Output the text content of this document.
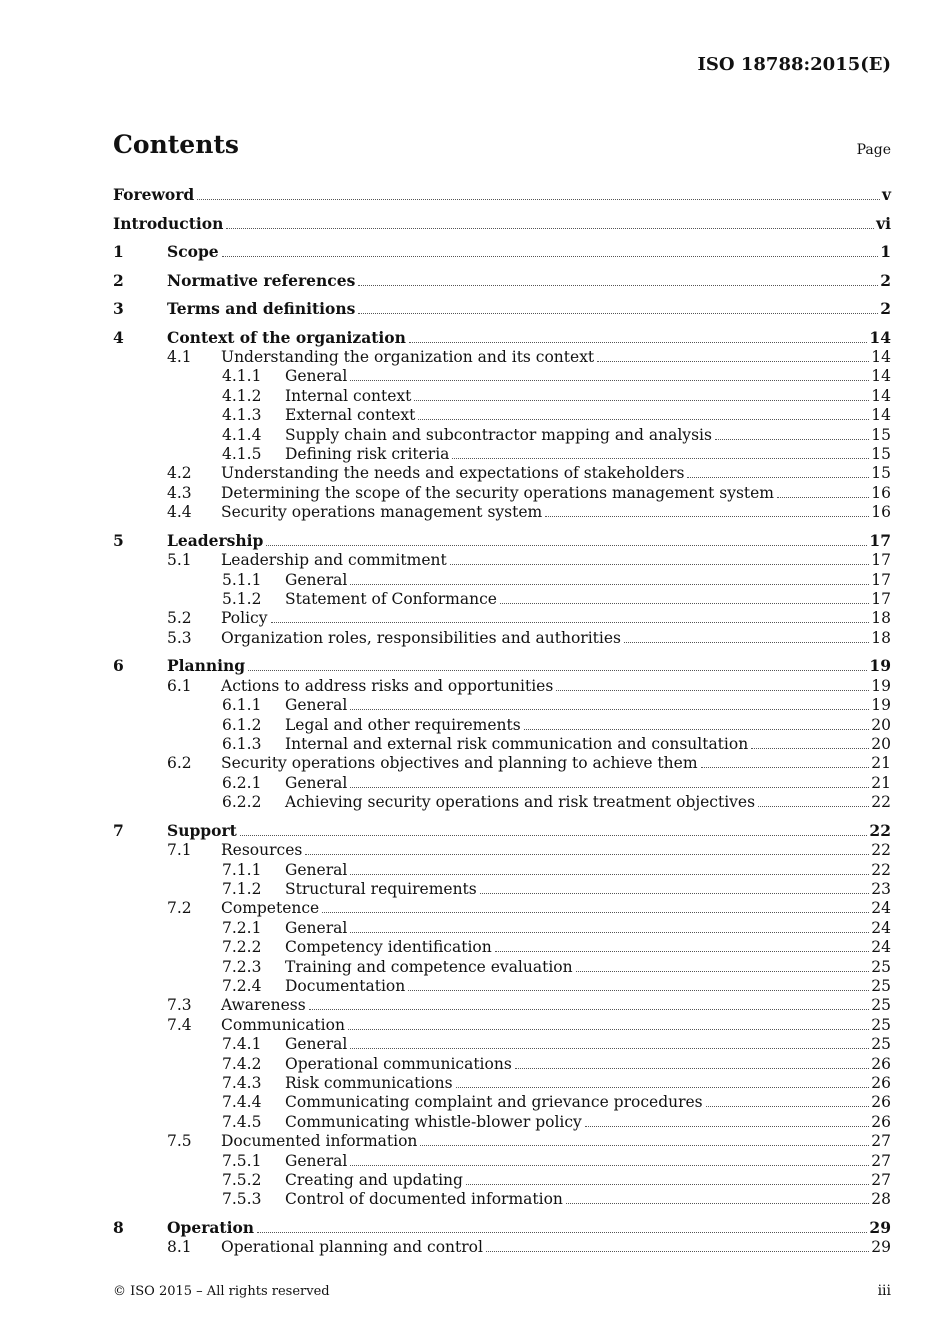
ISO 18788:2015(E)
Contents	Page
Foreword	v
Introduction	vi
1	Scope	1
2	Normative references	2
3	Terms and definitions	2
4	Context of the organization	14
4.1	Understanding the organization and its context	14
4.1.1	General	14
4.1.2	Internal context	14
4.1.3	External context	14
4.1.4	Supply chain and subcontractor mapping and analysis	15
4.1.5	Defining risk criteria	15
4.2	Understanding the needs and expectations of stakeholders	15
4.3	Determining the scope of the security operations management system	16
4.4	Security operations management system	16
5	Leadership	17
5.1	Leadership and commitment	17
5.1.1	General	17
5.1.2	Statement of Conformance	17
5.2	Policy	18
5.3	Organization roles, responsibilities and authorities	18
6	Planning	19
6.1	Actions to address risks and opportunities	19
6.1.1	General	19
6.1.2	Legal and other requirements	20
6.1.3	Internal and external risk communication and consultation	20
6.2	Security operations objectives and planning to achieve them	21
6.2.1	General	21
6.2.2	Achieving security operations and risk treatment objectives	22
7	Support	22
7.1	Resources	22
7.1.1	General	22
7.1.2	Structural requirements	23
7.2	Competence	24
7.2.1	General	24
7.2.2	Competency identification	24
7.2.3	Training and competence evaluation	25
7.2.4	Documentation	25
7.3	Awareness	25
7.4	Communication	25
7.4.1	General	25
7.4.2	Operational communications	26
7.4.3	Risk communications	26
7.4.4	Communicating complaint and grievance procedures	26
7.4.5	Communicating whistle-blower policy	26
7.5	Documented information	27
7.5.1	General	27
7.5.2	Creating and updating	27
7.5.3	Control of documented information	28
8	Operation	29
8.1	Operational planning and control	29
© ISO 2015 – All rights reserved	iii
